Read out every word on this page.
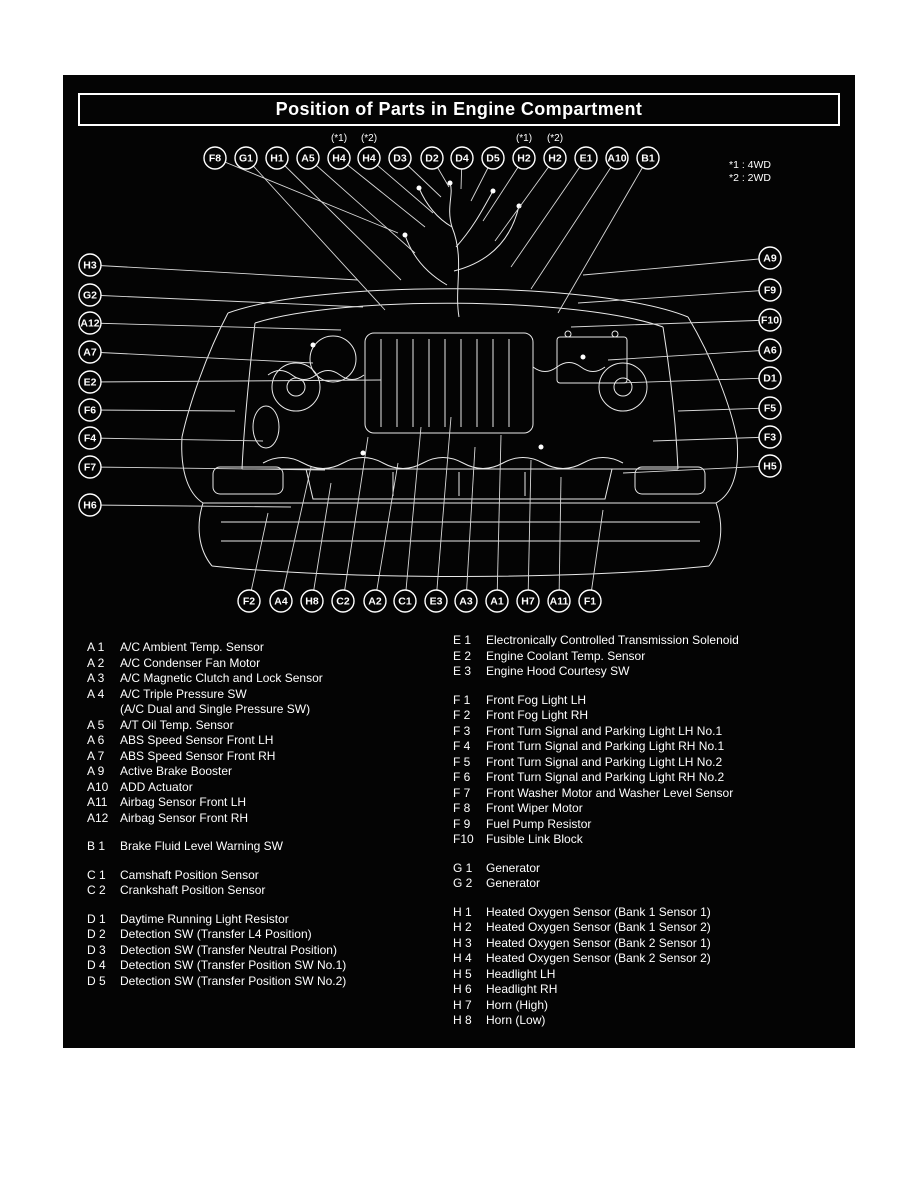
Position of Parts in Engine Compartment
*1 : 4WD
*2 : 2WD
F8 G1 H1 A5 H4
(*1)
H4
(*2)
D3 D2 D4 D5 H2
(*1)
H2
(*2)
E1 A10 B1
H3
G2
A12
A7
E2
F6
F4
F7
H6
A9
F9
F10
A6
D1
F5
F3
H5
F2 A4 H8 C2 A2 C1 E3 A3 A1 H7 A11 F1
A 1	A/C Ambient Temp. Sensor
A 2	A/C Condenser Fan Motor
A 3	A/C Magnetic Clutch and Lock Sensor
A 4	A/C Triple Pressure SW
(A/C Dual and Single Pressure SW)
A 5	A/T Oil Temp. Sensor
A 6	ABS Speed Sensor Front LH
A 7	ABS Speed Sensor Front RH
A 9	Active Brake Booster
A10 ADD Actuator
A11	Airbag Sensor Front LH
A12 Airbag Sensor Front RH
B 1	Brake Fluid Level Warning SW
C 1	Camshaft Position Sensor
C 2	Crankshaft Position Sensor
D 1	Daytime Running Light Resistor
D 2	Detection SW (Transfer L4 Position)
D 3	Detection SW (Transfer Neutral Position)
D 4	Detection SW (Transfer Position SW No.1)
D 5	Detection SW (Transfer Position SW No.2)
E 1	Electronically Controlled Transmission Solenoid
E 2	Engine Coolant Temp. Sensor
E 3	Engine Hood Courtesy SW
F 1	Front Fog Light LH
F 2	Front Fog Light RH
F 3	Front Turn Signal and Parking Light LH No.1
F 4	Front Turn Signal and Parking Light RH No.1
F 5	Front Turn Signal and Parking Light LH No.2
F 6	Front Turn Signal and Parking Light RH No.2
F 7	Front Washer Motor and Washer Level Sensor
F 8	Front Wiper Motor
F 9	Fuel Pump Resistor
F10	Fusible Link Block
G 1	Generator
G 2	Generator
H 1	Heated Oxygen Sensor (Bank 1 Sensor 1)
H 2	Heated Oxygen Sensor (Bank 1 Sensor 2)
H 3	Heated Oxygen Sensor (Bank 2 Sensor 1)
H 4	Heated Oxygen Sensor (Bank 2 Sensor 2)
H 5	Headlight LH
H 6	Headlight RH
H 7	Horn (High)
H 8	Horn (Low)
